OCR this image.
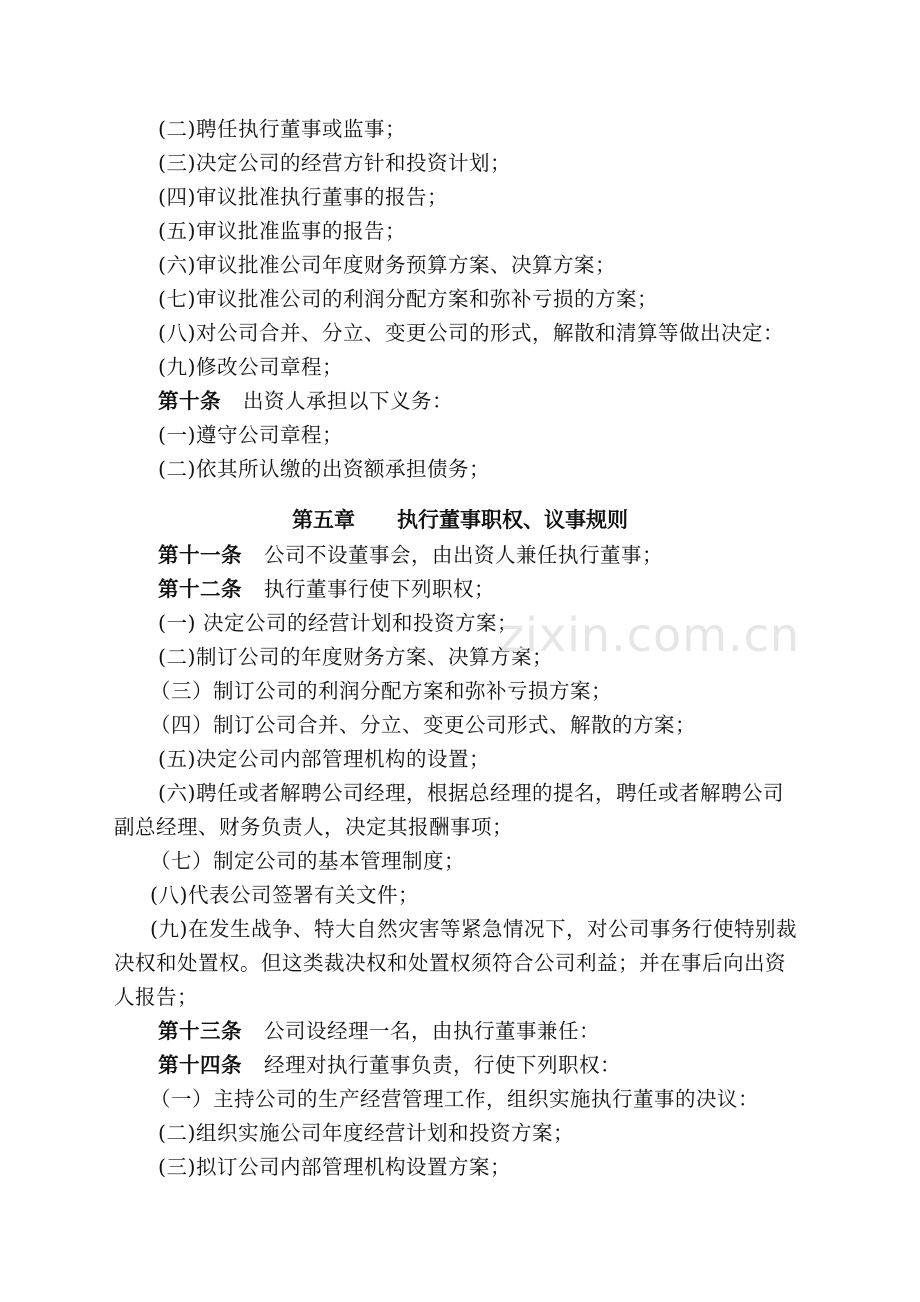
(二)聘任执行董事或监事；
(三)决定公司的经营方针和投资计划；
(四)审议批准执行董事的报告；
(五)审议批准监事的报告；
(六)审议批准公司年度财务预算方案、决算方案；
(七)审议批准公司的利润分配方案和弥补亏损的方案；
(八)对公司合并、分立、变更公司的形式，解散和清算等做出决定：
(九)修改公司章程；
第十条 出资人承担以下义务：
(一)遵守公司章程；
(二)依其所认缴的出资额承担债务；
第五章 执行董事职权、议事规则
第十一条 公司不设董事会，由出资人兼任执行董事；
第十二条 执行董事行使下列职权；
(一) 决定公司的经营计划和投资方案；
(二)制订公司的年度财务方案、决算方案；
（三）制订公司的利润分配方案和弥补亏损方案；
（四）制订公司合并、分立、变更公司形式、解散的方案；
(五)决定公司内部管理机构的设置；
(六)聘任或者解聘公司经理，根据总经理的提名，聘任或者解聘公司
副总经理、财务负责人，决定其报酬事项；
（七）制定公司的基本管理制度；
(八)代表公司签署有关文件；
(九)在发生战争、特大自然灾害等紧急情况下，对公司事务行使特别裁
决权和处置权。但这类裁决权和处置权须符合公司利益；并在事后向出资
人报告；
第十三条 公司设经理一名，由执行董事兼任：
第十四条 经理对执行董事负责，行使下列职权：
（一）主持公司的生产经营管理工作，组织实施执行董事的决议：
(二)组织实施公司年度经营计划和投资方案；
(三)拟订公司内部管理机构设置方案；
zixin.com.cn
